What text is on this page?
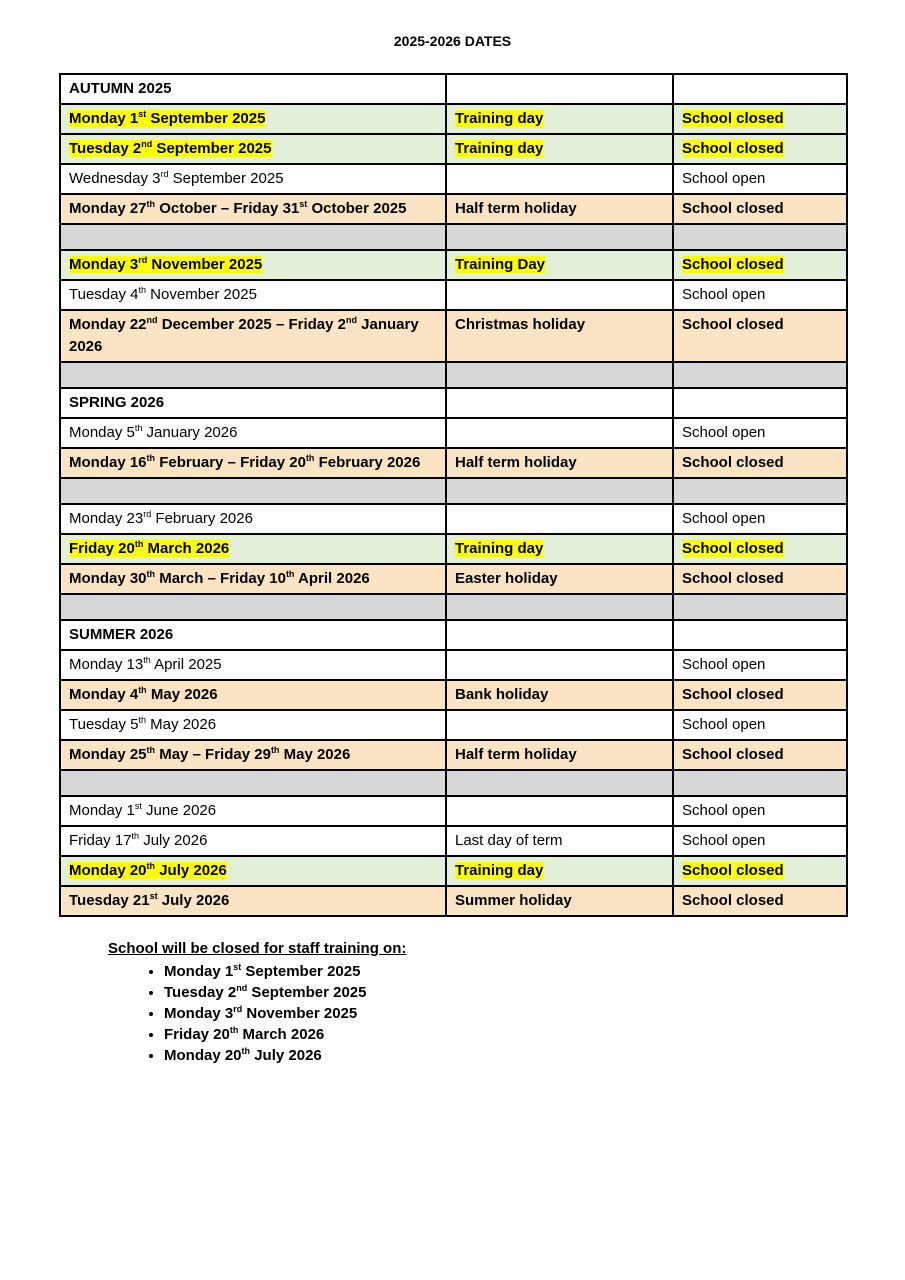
2025-2026 DATES
AUTUMN 2025		
Monday 1st September 2025	Training day	School closed
Tuesday 2nd September 2025	Training day	School closed
Wednesday 3rd September 2025		School open
Monday 27th October – Friday 31st October 2025	Half term holiday	School closed

Monday 3rd November 2025	Training Day	School closed
Tuesday 4th November 2025		School open
Monday 22nd December 2025 – Friday 2nd January 2026	Christmas holiday	School closed

SPRING 2026		
Monday 5th January 2026		School open
Monday 16th February – Friday 20th February 2026	Half term holiday	School closed

Monday 23rd February 2026		School open
Friday 20th March 2026	Training day	School closed
Monday 30th March – Friday 10th April 2026	Easter holiday	School closed

SUMMER 2026		
Monday 13th April 2025		School open
Monday 4th May 2026	Bank holiday	School closed
Tuesday 5th May 2026		School open
Monday 25th May – Friday 29th May 2026	Half term holiday	School closed

Monday 1st June 2026		School open
Friday 17th July 2026	Last day of term	School open
Monday 20th July 2026	Training day	School closed
Tuesday 21st July 2026	Summer holiday	School closed
School will be closed for staff training on:
• Monday 1st September 2025
• Tuesday 2nd September 2025
• Monday 3rd November 2025
• Friday 20th March 2026
• Monday 20th July 2026
